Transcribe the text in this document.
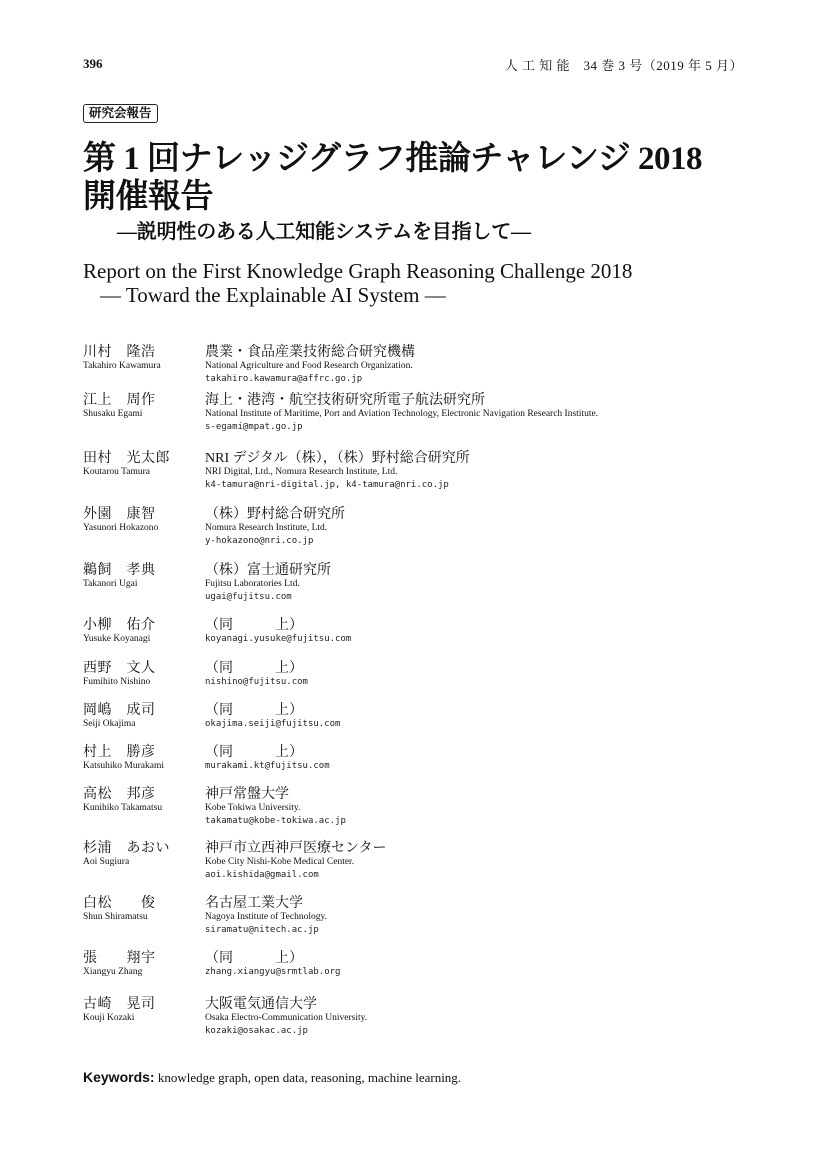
396	人 工 知 能　34 巻 3 号（2019 年 5 月）
研究会報告
第 1 回ナレッジグラフ推論チャレンジ 2018
開催報告
—説明性のある人工知能システムを目指して—
Report on the First Knowledge Graph Reasoning Challenge 2018
— Toward the Explainable AI System —
川村　隆浩
Takahiro Kawamura
農業・食品産業技術総合研究機構
National Agriculture and Food Research Organization.
takahiro.kawamura@affrc.go.jp
江上　周作
Shusaku Egami
海上・港湾・航空技術研究所電子航法研究所
National Institute of Maritime, Port and Aviation Technology, Electronic Navigation Research Institute.
s-egami@mpat.go.jp
田村　光太郎
Koutarou Tamura
NRI デジタル（株），（株）野村総合研究所
NRI Digital, Ltd., Nomura Research Institute, Ltd.
k4-tamura@nri-digital.jp, k4-tamura@nri.co.jp
外園　康智
Yasunori Hokazono
（株）野村総合研究所
Nomura Research Institute, Ltd.
y-hokazono@nri.co.jp
鵜飼　孝典
Takanori Ugai
（株）富士通研究所
Fujitsu Laboratories Ltd.
ugai@fujitsu.com
小柳　佑介
Yusuke Koyanagi
（同　　　上）
koyanagi.yusuke@fujitsu.com
西野　文人
Fumihito Nishino
（同　　　上）
nishino@fujitsu.com
岡嶋　成司
Seiji Okajima
（同　　　上）
okajima.seiji@fujitsu.com
村上　勝彦
Katsuhiko Murakami
（同　　　上）
murakami.kt@fujitsu.com
高松　邦彦
Kunihiko Takamatsu
神戸常盤大学
Kobe Tokiwa University.
takamatu@kobe-tokiwa.ac.jp
杉浦　あおい
Aoi Sugiura
神戸市立西神戸医療センター
Kobe City Nishi-Kobe Medical Center.
aoi.kishida@gmail.com
白松　　俊
Shun Shiramatsu
名古屋工業大学
Nagoya Institute of Technology.
siramatu@nitech.ac.jp
張　　翔宇
Xiangyu Zhang
（同　　　上）
zhang.xiangyu@srmtlab.org
古崎　晃司
Kouji Kozaki
大阪電気通信大学
Osaka Electro-Communication University.
kozaki@osakac.ac.jp
Keywords: knowledge graph, open data, reasoning, machine learning.
